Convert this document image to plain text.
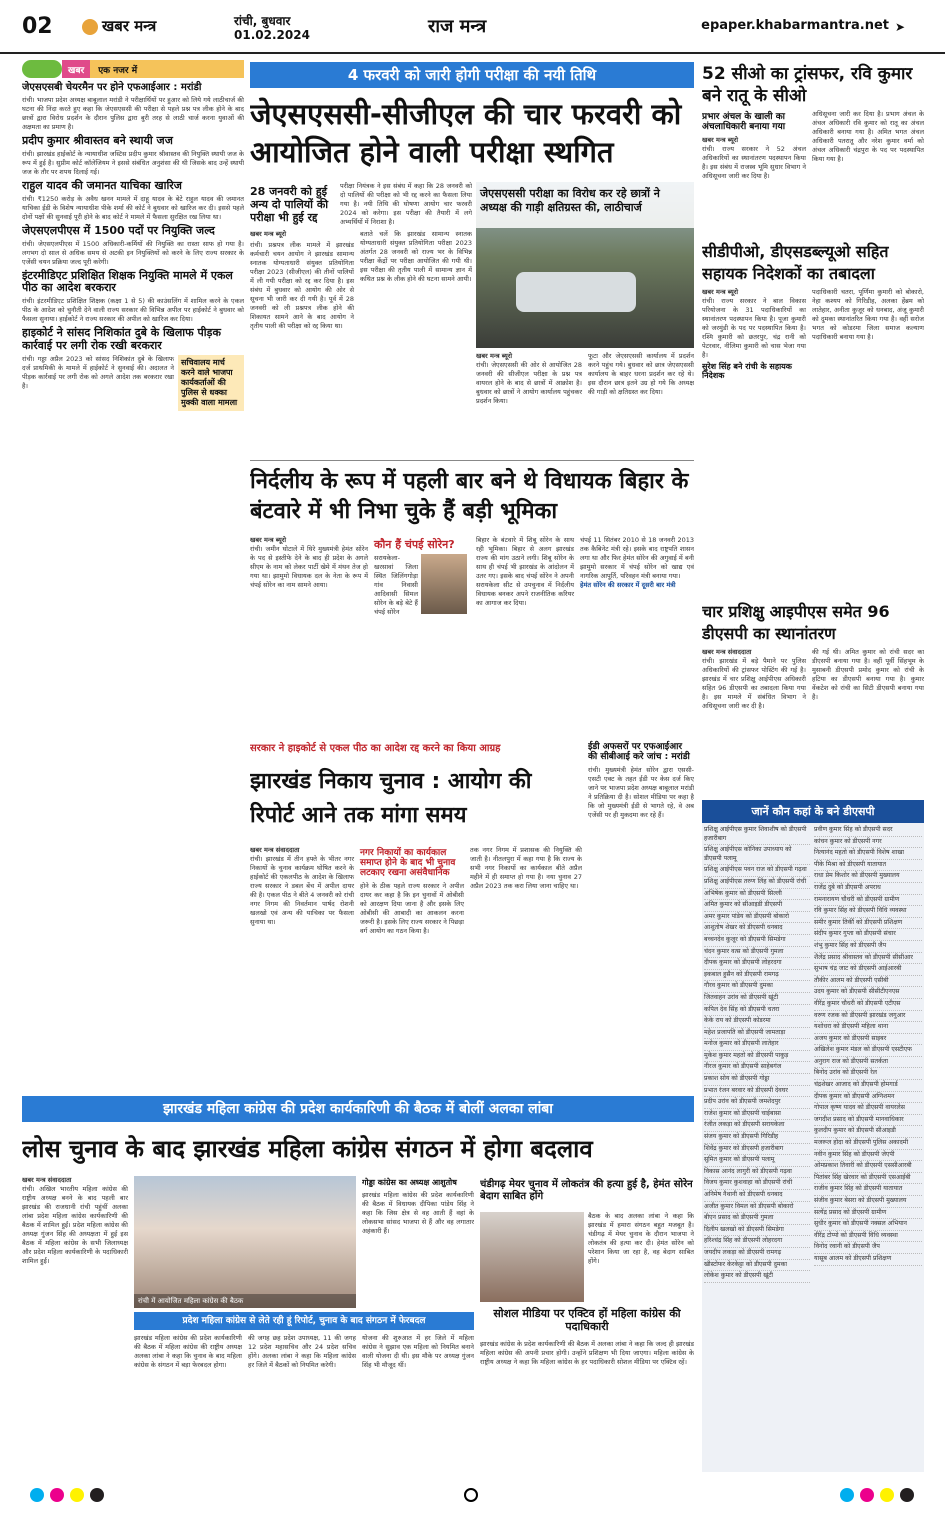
02	खबर मन्त्र	रांची, बुधवार
01.02.2024	राज मन्त्र	epaper.khabarmantra.net ➤
खबर	एक नजर में
जेएसएसबी चेयरमैन पर होने एफआईआर : मरांडी
रांची। भाजपा प्रदेश अध्यक्ष बाबूलाल मरांडी ने परीक्षार्थियों पर हुआर को लिये गये लाठीचार्ज की घटना की निंदा करते हुए कहा कि जेएसएससी की परीक्षा से पहले प्रश्न पत्र लीक होने के बाद छात्रों द्वारा विरोध प्रदर्शन के दौरान पुलिस द्वारा बुरी तरह से लाठी चार्ज करना युवाओं की अक्षमता का प्रमाण है।
प्रदीप कुमार श्रीवास्तव बने स्थायी जज
रांची। झारखंड हाईकोर्ट के न्यायाधीश जस्टिस प्रदीप कुमार श्रीवास्तव की नियुक्ति स्थायी जज के रूप में हुई है। सुप्रीम कोर्ट कॉलेजियम ने इससे संबंधित अनुशंसा की थी जिसके बाद उन्हें स्थायी जज के तौर पर शपथ दिलाई गई।
राहुल यादव की जमानत याचिका खारिज
रांची। ₹1250 करोड़ के अवैध खनन मामले में दाहू यादव के बेटे राहुल यादव की जमानत याचिका ईडी के विशेष न्यायाधीश पीके शर्मा की कोर्ट ने बुधवार को खारिज कर दी। इससे पहले दोनों पक्षों की सुनवाई पूरी होने के बाद कोर्ट ने मामले में फैसला सुरक्षित रख लिया था।
जेएसएलपीएस में 1500 पदों पर नियुक्ति जल्द
रांची। जेएसएलपीएस में 1500 अधिकारी-कर्मियों की नियुक्ति का रास्ता साफ हो गया है। लगभग दो साल से अधिक समय से अटकी इन नियुक्तियों को करने के लिए राज्य सरकार के एजेंसी चयन प्रक्रिया जल्द पूरी करेगी।
इंटरमीडिएट प्रशिक्षित शिक्षक नियुक्ति मामले में एकल पीठ का आदेश बरकरार
रांची। इंटरमीडिएट प्रशिक्षित शिक्षक (कक्षा 1 से 5) की काउंसलिंग में शामिल करने के एकल पीठ के आदेश को चुनौती देने वाली राज्य सरकार की विभिन्न अपील पर हाईकोर्ट ने बुधवार को फैसला सुनाया। हाईकोर्ट ने राज्य सरकार की अपील को खारिज कर दिया।
हाइकोर्ट ने सांसद निशिकांत दुबे के खिलाफ पीड़क कार्रवाई पर लगी रोक रखी बरकरार
रांची। गड्डा अप्रैल 2023 को सांसद निशिकांत दुबे के खिलाफ दर्ज प्राथमिकी के मामले में हाईकोर्ट ने सुनवाई की। अदालत ने पीड़क कार्रवाई पर लगी रोक को अगले आदेश तक बरकरार रखा है।
सचिवालय मार्च करने वाले भाजपा कार्यकर्ताओं की पुलिस से धक्का मुक्की वाला मामला
4 फरवरी को जारी होगी परीक्षा की नयी तिथि
जेएसएससी-सीजीएल की चार फरवरी को आयोजित होने वाली परीक्षा स्थगित
28 जनवरी को हुई अन्य दो पालियों की परीक्षा भी हुई रद्द
परीक्षा नियंत्रक ने इस संबंध में कहा कि 28 जनवरी को दो पालियों की परीक्षा को भी रद्द करने का फैसला लिया गया है। नयी तिथि की घोषणा आयोग चार फरवरी 2024 को करेगा। इस परीक्षा की तैयारी में लगे अभ्यर्थियों में निराशा है।
खबर मन्त्र ब्यूरो
रांची। प्रश्नपत्र लीक मामले में झारखंड कर्मचारी चयन आयोग ने झारखंड सामान्य स्नातक योग्यताधारी संयुक्त प्रतियोगिता परीक्षा 2023 (सीजीएल) की तीनों पालियों में ली गयी परीक्षा को रद्द कर दिया है। इस संबंध में बुधवार को आयोग की ओर से सूचना भी जारी कर दी गयी है। पूर्व में 28 जनवरी को ली प्रश्नपत्र लीक होने की शिकायत सामने आने के बाद आयोग ने तृतीय पाली की परीक्षा को रद्द किया था।
बताते चलें कि झारखंड सामान्य स्नातक योग्यताधारी संयुक्त प्रतियोगिता परीक्षा 2023 अंतर्गत 28 जनवरी को राज्य भर के विभिन्न परीक्षा केंद्रों पर परीक्षा आयोजित की गयी थी। इस परीक्षा की तृतीय पाली में सामान्य ज्ञान में कथित प्रश्न के लीक होने की घटना सामने आयी।
जेएसएससी परीक्षा का विरोध कर रहे छात्रों ने अध्यक्ष की गाड़ी क्षतिग्रस्त की, लाठीचार्ज
खबर मन्त्र ब्यूरो
रांची। जेएसएससी की ओर से आयोजित 28 जनवरी की सीजीएल परीक्षा के प्रश्न पत्र वायरल होने के बाद से छात्रों में आक्रोश है। बुधवार को छात्रों ने आयोग कार्यालय पहुंचकर प्रदर्शन किया।
फूटा और जेएसएससी कार्यालय में प्रदर्शन करने पहुंच गये। बुधवार को छात्र जेएसएससी कार्यालय के बाहर धरना प्रदर्शन कर रहे थे। इस दौरान छात्र इतने उग्र हो गये कि अध्यक्ष की गाड़ी को क्षतिग्रस्त कर दिया।
निर्दलीय के रूप में पहली बार बने थे विधायक बिहार के बंटवारे में भी निभा चुके हैं बड़ी भूमिका
खबर मन्त्र ब्यूरो
रांची। जमीन घोटाले में घिरे मुख्यमंत्री हेमंत सोरेन के पद से इस्तीफे देने के बाद ही प्रदेश के अगले सीएम के नाम को लेकर पार्टी खेमे में मंथन तेज हो गया था। झामुमो विधायक दल के नेता के रूप में चंपई सोरेन का नाम सामने आया।
कौन हैं चंपई सोरेन?
सरायकेला-खरसावां जिला स्थित जिलिंगगोड़ा गांव निवासी आदिवासी सिमल सोरेन के बड़े बेटे हैं चंपई सोरेन
बिहार के बंटवारे में शिबू सोरेन के साथ रही भूमिका। बिहार से अलग झारखंड राज्य की मांग उठाने लगी। शिबू सोरेन के साथ ही चंपई भी झारखंड के आंदोलन में उतर गए। इसके बाद चंपई सोरेन ने अपनी सरायकेला सीट से उपचुनाव में निर्दलीय विधायक बनकर अपने राजनीतिक करियर का आगाज कर दिया।
चंपई 11 सितंबर 2010 से 18 जनवरी 2013 तक कैबिनेट मंत्री रहे। इसके बाद राष्ट्रपति शासन लगा था और फिर हेमंत सोरेन की अगुवाई में बनी झामुमो सरकार में चंपई सोरेन को खाद्य एवं नागरिक आपूर्ति, परिवहन मंत्री बनाया गया।
हेमंत सोरेन की सरकार में दूसरी बार मंत्री
सरकार ने हाइकोर्ट से एकल पीठ का आदेश रद्द करने का किया आग्रह
झारखंड निकाय चुनाव : आयोग की रिपोर्ट आने तक मांगा समय
खबर मन्त्र संवाददाता
रांची। झारखंड में तीन हफ्ते के भीतर नगर निकायों के चुनाव कार्यक्रम घोषित करने के हाईकोर्ट की एकलपीठ के आदेश के खिलाफ राज्य सरकार ने डबल बेंच में अपील दायर की है। एकल पीठ ने बीते 4 जनवरी को रांची नगर निगम की निवर्तमान पार्षद रोशनी खलखो एवं अन्य की याचिका पर फैसला सुनाया था।
नगर निकायों का कार्यकाल समाप्त होने के बाद भी चुनाव लटकाए रखना असंवैधानिक
होने के ठीक पहले राज्य सरकार ने अपील दायर कर कहा है कि इन चुनावों में ओबीसी को आरक्षण दिया जाना है और इसके लिए ओबीसी की आबादी का आकलन करना जरूरी है। इसके लिए राज्य सरकार ने पिछड़ा वर्ग आयोग का गठन किया है।
तक नगर निगम में प्रशासक की नियुक्ति की जाती है। नीतलपुरा में कहा गया है कि राज्य के सभी नगर निकायों का कार्यकाल बीते अप्रैल महीने में ही समाप्त हो गया है। नया चुनाव 27 अप्रैल 2023 तक करा लिया जाना चाहिए था।
ईडी अफसरों पर एफआईआर की सीबीआई करे जांच : मरांडी
रांची। मुख्यमंत्री हेमंत सोरेन द्वारा एससी-एसटी एक्ट के तहत ईडी पर केस दर्ज किए जाने पर भाजपा प्रदेश अध्यक्ष बाबूलाल मरांडी ने प्रतिक्रिया दी है। सोशल मीडिया पर कहा है कि जो मुख्यमंत्री ईडी से भागते रहे, वे अब एजेंसी पर ही मुकदमा कर रहे हैं।
52 सीओ का ट्रांसफर, रवि कुमार बने रातू के सीओ
प्रभार अंचल के खाली का अंचलाधिकारी बनाया गया
खबर मन्त्र ब्यूरो
रांची। राज्य सरकार ने 52 अंचल अधिकारियों का स्थानांतरण पदस्थापन किया है। इस संबंध में राजस्व भूमि सुधार विभाग ने अधिसूचना जारी कर दिया है।
अधिसूचना जारी कर दिया है। प्रभाग अंचल के अंचल अधिकारी रवि कुमार को रातू का अंचल अधिकारी बनाया गया है। अमित भगत अंचल अधिकारी पतरातू और नरेश कुमार वर्मा को अंचल अधिकारी चंद्रपुरा के पद पर पदस्थापित किया गया है।
सीडीपीओ, डीएसडब्ल्यूओ सहित सहायक निदेशकों का तबादला
खबर मन्त्र ब्यूरो
रांची। राज्य सरकार ने बाल विकास परियोजना के 31 पदाधिकारियों का स्थानांतरण पदस्थापन किया है। पूजा कुमारी को जरमुंडी के पद पर पदस्थापित किया है। रश्मि कुमारी को छतरपुर, चंद्र रानी को पेटरवार, नीलिमा कुमारी को चास भेजा गया है।
सुरेश सिंह बने रांची के सहायक निदेशक
पदाधिकारी चतरा, पूर्णिमा कुमारी को बोकारो, नेहा कश्यप को गिरिडीह, अलका हेंब्रम को लातेहार, अनीता कुजूर को धनबाद, अंजू कुमारी को दुमका स्थानांतरित किया गया है। वहीं सरोज भगत को कोडरमा जिला समाज कल्याण पदाधिकारी बनाया गया है।
चार प्रशिक्षु आइपीएस समेत 96 डीएसपी का स्थानांतरण
खबर मन्त्र संवाददाता
रांची। झारखंड में बड़े पैमाने पर पुलिस अधिकारियों की ट्रांसफर पोस्टिंग की गई है। झारखंड में चार प्रशिक्षु आईपीएस अधिकारी सहित 96 डीएसपी का तबादला किया गया है। इस मामले में संबंधित विभाग ने अधिसूचना जारी कर दी है।
की गई थी। अमित कुमार को रांची सदर का डीएसपी बनाया गया है। वहीं पूर्वी सिंहभूम के मुसाबनी डीएसपी प्रमोद कुमार को रांची के हटिया का डीएसपी बनाया गया है। कुमार वेंकटेश को रांची का सिटी डीएसपी बनाया गया है।
जानें कौन कहां के बने डीएसपी
प्रशिक्षु आईपीएस कुमार शिवाशीष को डीएसपी हजारीबाग
प्रशिक्षु आईपीएस कोनिका उपाध्याय को डीएसपी पलामू
प्रशिक्षु आईपीएस पवन राज को डीएसपी गढ़वा
प्रशिक्षु आईपीएस तरुण लिंह को डीएसपी रांची
अभिषेक कुमार को डीएसपी सिल्ली
अमित कुमार को सीआइडी डीएसपी
अमर कुमार पांडेय को डीएसपी बोकारो
आशुतोष शेखर को डीएसपी धनबाद
बच्चनदेव कुजूर को डीएसपी सिमडेगा
चंदन कुमार वत्स को डीएसपी गुमला
दीपक कुमार को डीएसपी लोहरदगा
इकबाल हुसैन को डीएसपी रामगढ़
गौरव कुमार को डीएसपी दुमका
जितवाहन उरांव को डीएसपी खूंटी
कपिल देव सिंह को डीएसपी चतरा
केके राय को डीएसपी कोडरमा
महेश प्रजापति को डीएसपी जामताड़ा
मनोज कुमार को डीएसपी लातेहार
मुकेश कुमार महतो को डीएसपी पाकुड़
नीरज कुमार को डीएसपी साहेबगंज
प्रकाश सोय को डीएसपी गोड्डा
प्रभात रंजन बरवार को डीएसपी देवघर
प्रदीप उरांव को डीएसपी जमशेदपुर
राजेश कुमार को डीएसपी चाईबासा
रंजीत लकड़ा को डीएसपी सरायकेला
संजय कुमार को डीएसपी गिरिडीह
शिवेंद्र कुमार को डीएसपी हजारीबाग
सुमित कुमार को डीएसपी पलामू
विकास आनंद लागुरी को डीएसपी गढ़वा
विजय कुमार कुशवाहा को डीएसपी रांची
अनिमेष नैथानी को डीएसपी धनबाद
अजीत कुमार विमल को डीएसपी बोकारो
बीएन प्रसाद को डीएसपी गुमला
दिलीप खलखो को डीएसपी सिमडेगा
हरिश्चंद्र सिंह को डीएसपी लोहरदगा
जयदीप लकड़ा को डीएसपी रामगढ़
खीस्टोफर केरकेट्टा को डीएसपी दुमका
लोकेश कुमार को डीएसपी खूंटी
प्रवीण कुमार सिंह को डीएसपी सदर
कांचन कुमार को डीएसपी नगर
नित्यानंद महतो को डीएसपी विशेष शाखा
पीके मिश्रा को डीएसपी यातायात
राधा प्रेम किशोर को डीएसपी मुख्यालय
राजेंद्र दुबे को डीएसपी अपराध
रामनारायण चौधरी को डीएसपी ग्रामीण
रवि कुमार सिंह को डीएसपी विधि व्यवस्था
समीर कुमार तिर्की को डीएसपी प्रशिक्षण
संदीप कुमार गुप्ता को डीएसपी संचार
शंभु कुमार सिंह को डीएसपी जैप
शैलेंद्र प्रसाद श्रीवास्तव को डीएसपी सीसीआर
सुभाष चंद्र जाट को डीएसपी आईआरबी
तौकीर आलम को डीएसपी एसीबी
उदय कुमार को डीएसपी सीसीटीएनएस
वीरेंद्र कुमार चौधरी को डीएसपी एटीएस
वरुण रजक को डीएसपी झारखंड जगुआर
यशोधरा को डीएसपी महिला थाना
अजय कुमार को डीएसपी साइबर
अखिलेश कुमार मंडल को डीएसपी एसटीएफ
अनुराग राज को डीएसपी सतर्कता
बिनोद उरांव को डीएसपी रेल
चंद्रशेखर आजाद को डीएसपी होमगार्ड
दीपक कुमार को डीएसपी अग्निशमन
गोपाल कृष्ण यादव को डीएसपी वायरलेस
जगदीश प्रसाद को डीएसपी मानवाधिकार
कुलदीप कुमार को डीएसपी सीआइडी
मजरूल होदा को डीएसपी पुलिस अकादमी
नवीन कुमार सिंह को डीएसपी जेएपी
ओमप्रकाश तिवारी को डीएसपी एससीआरबी
पितांबर सिंह खेरवार को डीएसपी एसआईबी
राजीव कुमार सिंह को डीएसपी यातायात
संजीव कुमार बेसरा को डीएसपी मुख्यालय
सत्येंद्र प्रसाद को डीएसपी ग्रामीण
सुधीर कुमार को डीएसपी नक्सल अभियान
वीरेंद्र टोप्पो को डीएसपी विधि व्यवस्था
विनोद रवानी को डीएसपी जैप
यासूब आलम को डीएसपी प्रशिक्षण
झारखंड महिला कांग्रेस की प्रदेश कार्यकारिणी की बैठक में बोलीं अलका लांबा
लोस चुनाव के बाद झारखंड महिला कांग्रेस संगठन में होगा बदलाव
खबर मन्त्र संवाददाता
रांची। अखिल भारतीय महिला कांग्रेस की राष्ट्रीय अध्यक्ष बनने के बाद पहली बार झारखंड की राजधानी रांची पहुंचीं अलका लांबा प्रदेश महिला कांग्रेस कार्यकारिणी की बैठक में शामिल हुईं। प्रदेश महिला कांग्रेस की अध्यक्ष गुंजन सिंह की अध्यक्षता में हुई इस बैठक में महिला कांग्रेस के सभी जिलाध्यक्ष और प्रदेश महिला कार्यकारिणी के पदाधिकारी शामिल हुईं।
रांची में आयोजित महिला कांग्रेस की बैठक
गोड्डा कांग्रेस का अध्यक्ष आशुतोष
झारखंड महिला कांग्रेस की प्रदेश कार्यकारिणी की बैठक में विधायक दीपिका पांडेय सिंह ने कहा कि जिस क्षेत्र से वह आती हैं वहां के लोकसभा सांसद भाजपा से हैं और वह लगातार अहंकारी हैं।
चंडीगढ़ मेयर चुनाव में लोकतंत्र की हत्या हुई है, हेमंत सोरेन बेदाग साबित होंगे
बैठक के बाद अलका लांबा ने कहा कि झारखंड में हमारा संगठन बहुत मजबूत है। चंडीगढ़ में मेयर चुनाव के दौरान भाजपा ने लोकतंत्र की हत्या कर दी। हेमंत सोरेन को परेशान किया जा रहा है, वह बेदाग साबित होंगे।
सोशल मीडिया पर एक्टिव हों महिला कांग्रेस की पदाधिकारी
झारखंड कांग्रेस के प्रदेश कार्यकारिणी की बैठक में अलका लांबा ने कहा कि जल्द ही झारखंड महिला कांग्रेस की अपनी प्रचार होगी। उन्होंने प्रशिक्षण भी दिया जाएगा। महिला कांग्रेस के राष्ट्रीय अध्यक्ष ने कहा कि महिला कांग्रेस के हर पदाधिकारी सोशल मीडिया पर एक्टिव रहें।
प्रदेश महिला कांग्रेस से लेते रही हूं रिपोर्ट, चुनाव के बाद संगठन में फेरबदल
झारखंड महिला कांग्रेस की प्रदेश कार्यकारिणी की बैठक में महिला कांग्रेस की राष्ट्रीय अध्यक्ष अलका लांबा ने कहा कि चुनाव के बाद महिला कांग्रेस के संगठन में बड़ा फेरबदल होगा।
की जगह छह प्रदेश उपाध्यक्ष, 11 की जगह 12 प्रदेश महासचिव और 24 प्रदेश सचिव होंगे। अलका लांबा ने कहा कि महिला कांग्रेस हर जिले में बैठकों को नियमित करेगी।
योजना की शुरुआत में हर जिले में महिला कांग्रेस ने सुझाव एक महिला को नियमित बनाने वाली योजना दी थी। इस मौके पर अध्यक्ष गुंजन सिंह भी मौजूद थीं।
